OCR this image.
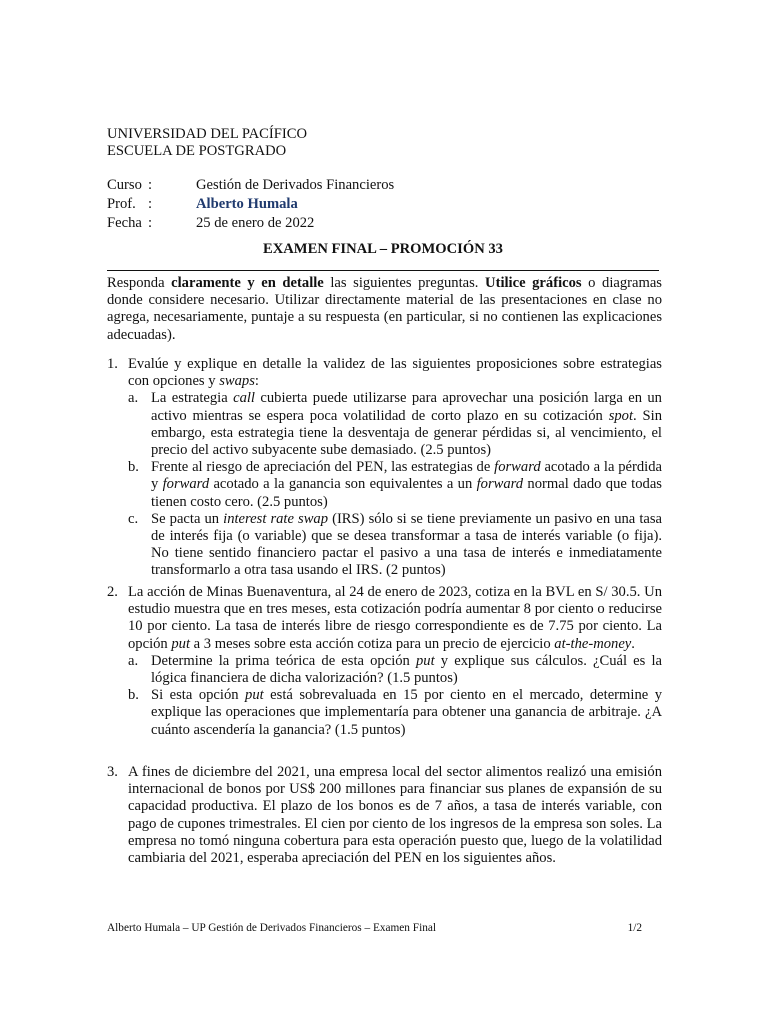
UNIVERSIDAD DEL PACÍFICO
ESCUELA DE POSTGRADO
Curso :	Gestión de Derivados Financieros
Prof. :	Alberto Humala
Fecha :	25 de enero de 2022
EXAMEN FINAL – PROMOCIÓN 33
Responda claramente y en detalle las siguientes preguntas. Utilice gráficos o diagramas donde considere necesario. Utilizar directamente material de las presentaciones en clase no agrega, necesariamente, puntaje a su respuesta (en particular, si no contienen las explicaciones adecuadas).
1. Evalúe y explique en detalle la validez de las siguientes proposiciones sobre estrategias con opciones y swaps:
a. La estrategia call cubierta puede utilizarse para aprovechar una posición larga en un activo mientras se espera poca volatilidad de corto plazo en su cotización spot. Sin embargo, esta estrategia tiene la desventaja de generar pérdidas si, al vencimiento, el precio del activo subyacente sube demasiado. (2.5 puntos)
b. Frente al riesgo de apreciación del PEN, las estrategias de forward acotado a la pérdida y forward acotado a la ganancia son equivalentes a un forward normal dado que todas tienen costo cero. (2.5 puntos)
c. Se pacta un interest rate swap (IRS) sólo si se tiene previamente un pasivo en una tasa de interés fija (o variable) que se desea transformar a tasa de interés variable (o fija). No tiene sentido financiero pactar el pasivo a una tasa de interés e inmediatamente transformarlo a otra tasa usando el IRS. (2 puntos)
2. La acción de Minas Buenaventura, al 24 de enero de 2023, cotiza en la BVL en S/ 30.5. Un estudio muestra que en tres meses, esta cotización podría aumentar 8 por ciento o reducirse 10 por ciento. La tasa de interés libre de riesgo correspondiente es de 7.75 por ciento. La opción put a 3 meses sobre esta acción cotiza para un precio de ejercicio at-the-money.
a. Determine la prima teórica de esta opción put y explique sus cálculos. ¿Cuál es la lógica financiera de dicha valorización? (1.5 puntos)
b. Si esta opción put está sobrevaluada en 15 por ciento en el mercado, determine y explique las operaciones que implementaría para obtener una ganancia de arbitraje. ¿A cuánto ascendería la ganancia? (1.5 puntos)
3. A fines de diciembre del 2021, una empresa local del sector alimentos realizó una emisión internacional de bonos por US$ 200 millones para financiar sus planes de expansión de su capacidad productiva. El plazo de los bonos es de 7 años, a tasa de interés variable, con pago de cupones trimestrales. El cien por ciento de los ingresos de la empresa son soles. La empresa no tomó ninguna cobertura para esta operación puesto que, luego de la volatilidad cambiaria del 2021, esperaba apreciación del PEN en los siguientes años.
Alberto Humala – UP Gestión de Derivados Financieros – Examen Final	1/2
